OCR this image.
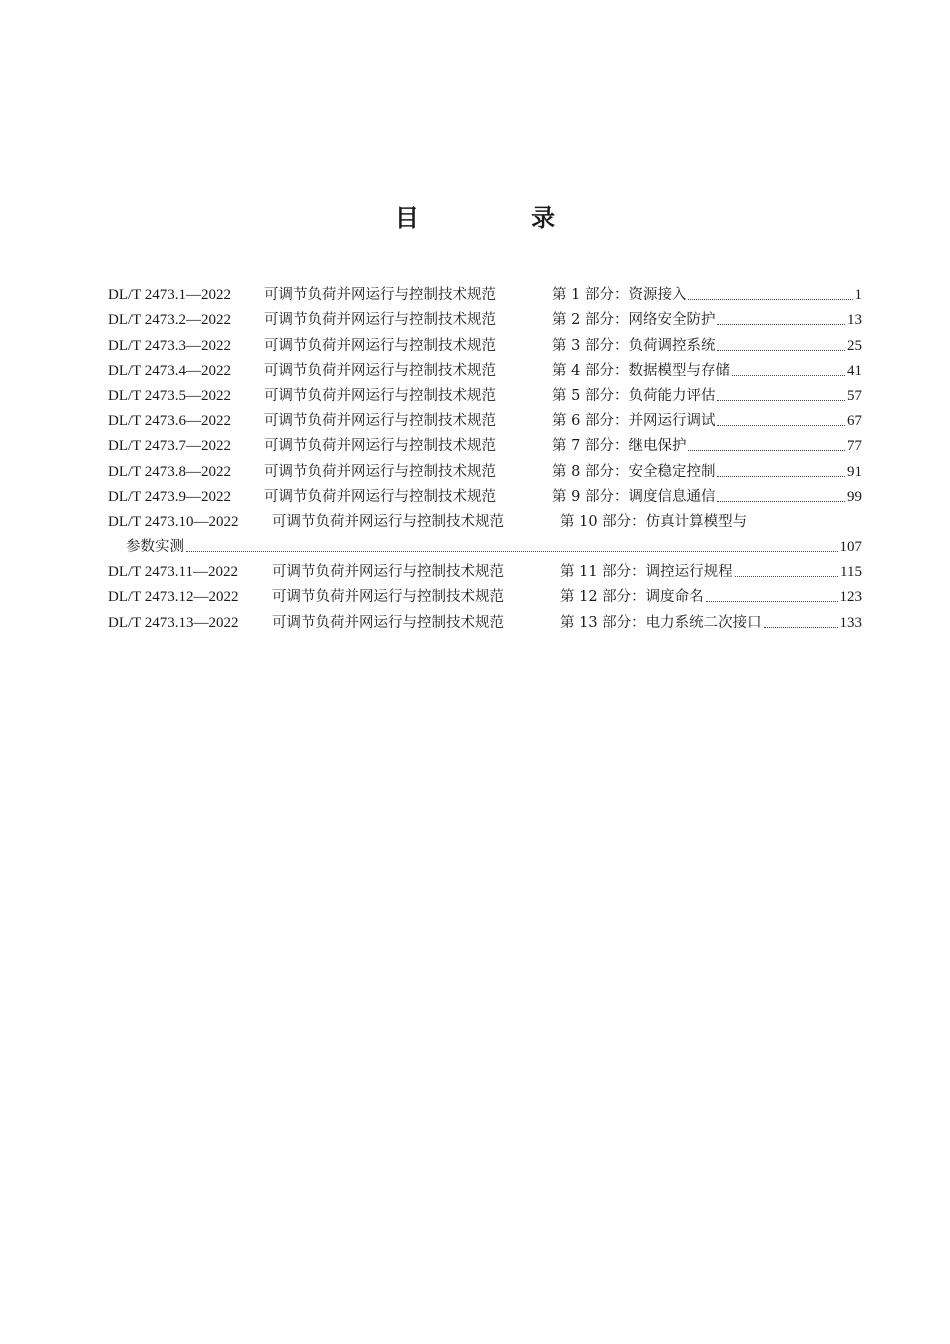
目 录
DL/T 2473.1—2022	可调节负荷并网运行与控制技术规范	第 1 部分：资源接入	1
DL/T 2473.2—2022	可调节负荷并网运行与控制技术规范	第 2 部分：网络安全防护	13
DL/T 2473.3—2022	可调节负荷并网运行与控制技术规范	第 3 部分：负荷调控系统	25
DL/T 2473.4—2022	可调节负荷并网运行与控制技术规范	第 4 部分：数据模型与存储	41
DL/T 2473.5—2022	可调节负荷并网运行与控制技术规范	第 5 部分：负荷能力评估	57
DL/T 2473.6—2022	可调节负荷并网运行与控制技术规范	第 6 部分：并网运行调试	67
DL/T 2473.7—2022	可调节负荷并网运行与控制技术规范	第 7 部分：继电保护	77
DL/T 2473.8—2022	可调节负荷并网运行与控制技术规范	第 8 部分：安全稳定控制	91
DL/T 2473.9—2022	可调节负荷并网运行与控制技术规范	第 9 部分：调度信息通信	99
DL/T 2473.10—2022	可调节负荷并网运行与控制技术规范	第 10 部分：仿真计算模型与
参数实测	107
DL/T 2473.11—2022	可调节负荷并网运行与控制技术规范	第 11 部分：调控运行规程	115
DL/T 2473.12—2022	可调节负荷并网运行与控制技术规范	第 12 部分：调度命名	123
DL/T 2473.13—2022	可调节负荷并网运行与控制技术规范	第 13 部分：电力系统二次接口	133
